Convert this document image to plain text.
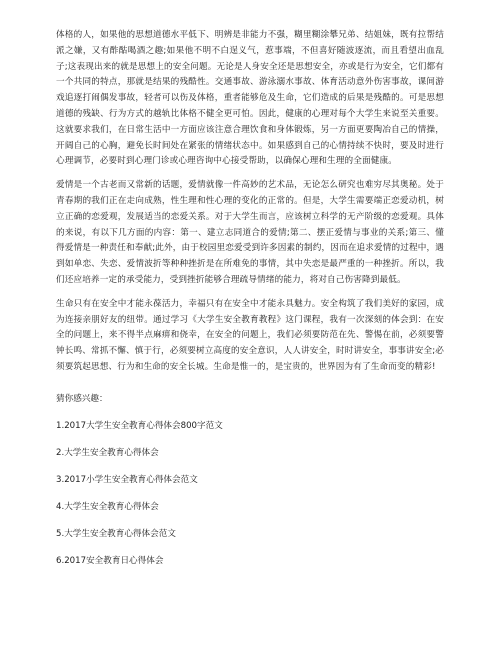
体格的人，如果他的思想道德水平低下、明辨是非能力不强，糊里糊涂攀兄弟、结姐妹，既有拉帮结派之嫌，又有酢酤喝酒之趣;如果他不明不白逞义气，惹事端，不但喜好随波逐流，而且看望出血乱子;这表现出来的就是思想上的安全问题。无论是人身安全还是思想安全，亦或是行为安全，它们都有一个共同的特点，那就是结果的残酷性。交通事故、游泳溺水事故、体育活动意外伤害事故，课间游戏追逐打闹偶发事故，轻者可以伤及体格，重者能够危及生命，它们造成的后果是残酷的。可是思想道德的残缺、行为方式的越轨比体格不健全更可怕。因此，健康的心理对每个大学生来说至关重要。这就要求我们，在日常生活中一方面应该注意合理饮食和身体锻炼，另一方面更要陶冶自己的情操，开阔自己的心胸，避免长时间处在紧张的情绪状态中。如果感到自己的心情持续不快时，要及时进行心理调节，必要时到心理门诊或心理咨询中心接受帮助，以确保心理和生理的全面健康。

爱情是一个古老而又常新的话题，爱情就像一件高妙的艺术品，无论怎么研究也难穷尽其奥秘。处于青春期的我们正在走向成熟，性生理和性心理的变化的正常的。但是，大学生需要端正恋爱动机，树立正确的恋爱观，发展适当的恋爱关系。对于大学生而言，应该树立科学的无产阶级的恋爱观。具体的来说，有以下几方面的内容：第一、建立志同道合的爱情;第二、摆正爱情与事业的关系;第三、懂得爱情是一种责任和奉献;此外，由于校园里恋爱受到许多因素的制约，因而在追求爱情的过程中，遇到如单恋、失恋、爱情波折等种种挫折是在所难免的事情，其中失恋是最严重的一种挫折。所以，我们还应培养一定的承受能力，受到挫折能够合理疏导情绪的能力，将对自己伤害降到最低。

生命只有在安全中才能永葆活力，幸福只有在安全中才能永具魅力。安全构筑了我们美好的家园，成为连接亲朋好友的纽带。通过学习《大学生安全教育教程》这门课程，我有一次深刻的体会到：在安全的问题上，来不得半点麻痹和侥幸，在安全的问题上，我们必须要防范在先、警惕在前，必须要警钟长鸣、常抓不懈、慎于行，必须要树立高度的安全意识，人人讲安全，时时讲安全，事事讲安全;必须要筑起思想、行为和生命的安全长城。生命是惟一的，是宝贵的，世界因为有了生命而变的精彩!

猜你感兴趣：

1.2017大学生安全教育心得体会800字范文
2.大学生安全教育心得体会
3.2017小学生安全教育心得体会范文
4.大学生安全教育心得体会
5.大学生安全教育心得体会范文
6.2017安全教育日心得体会
